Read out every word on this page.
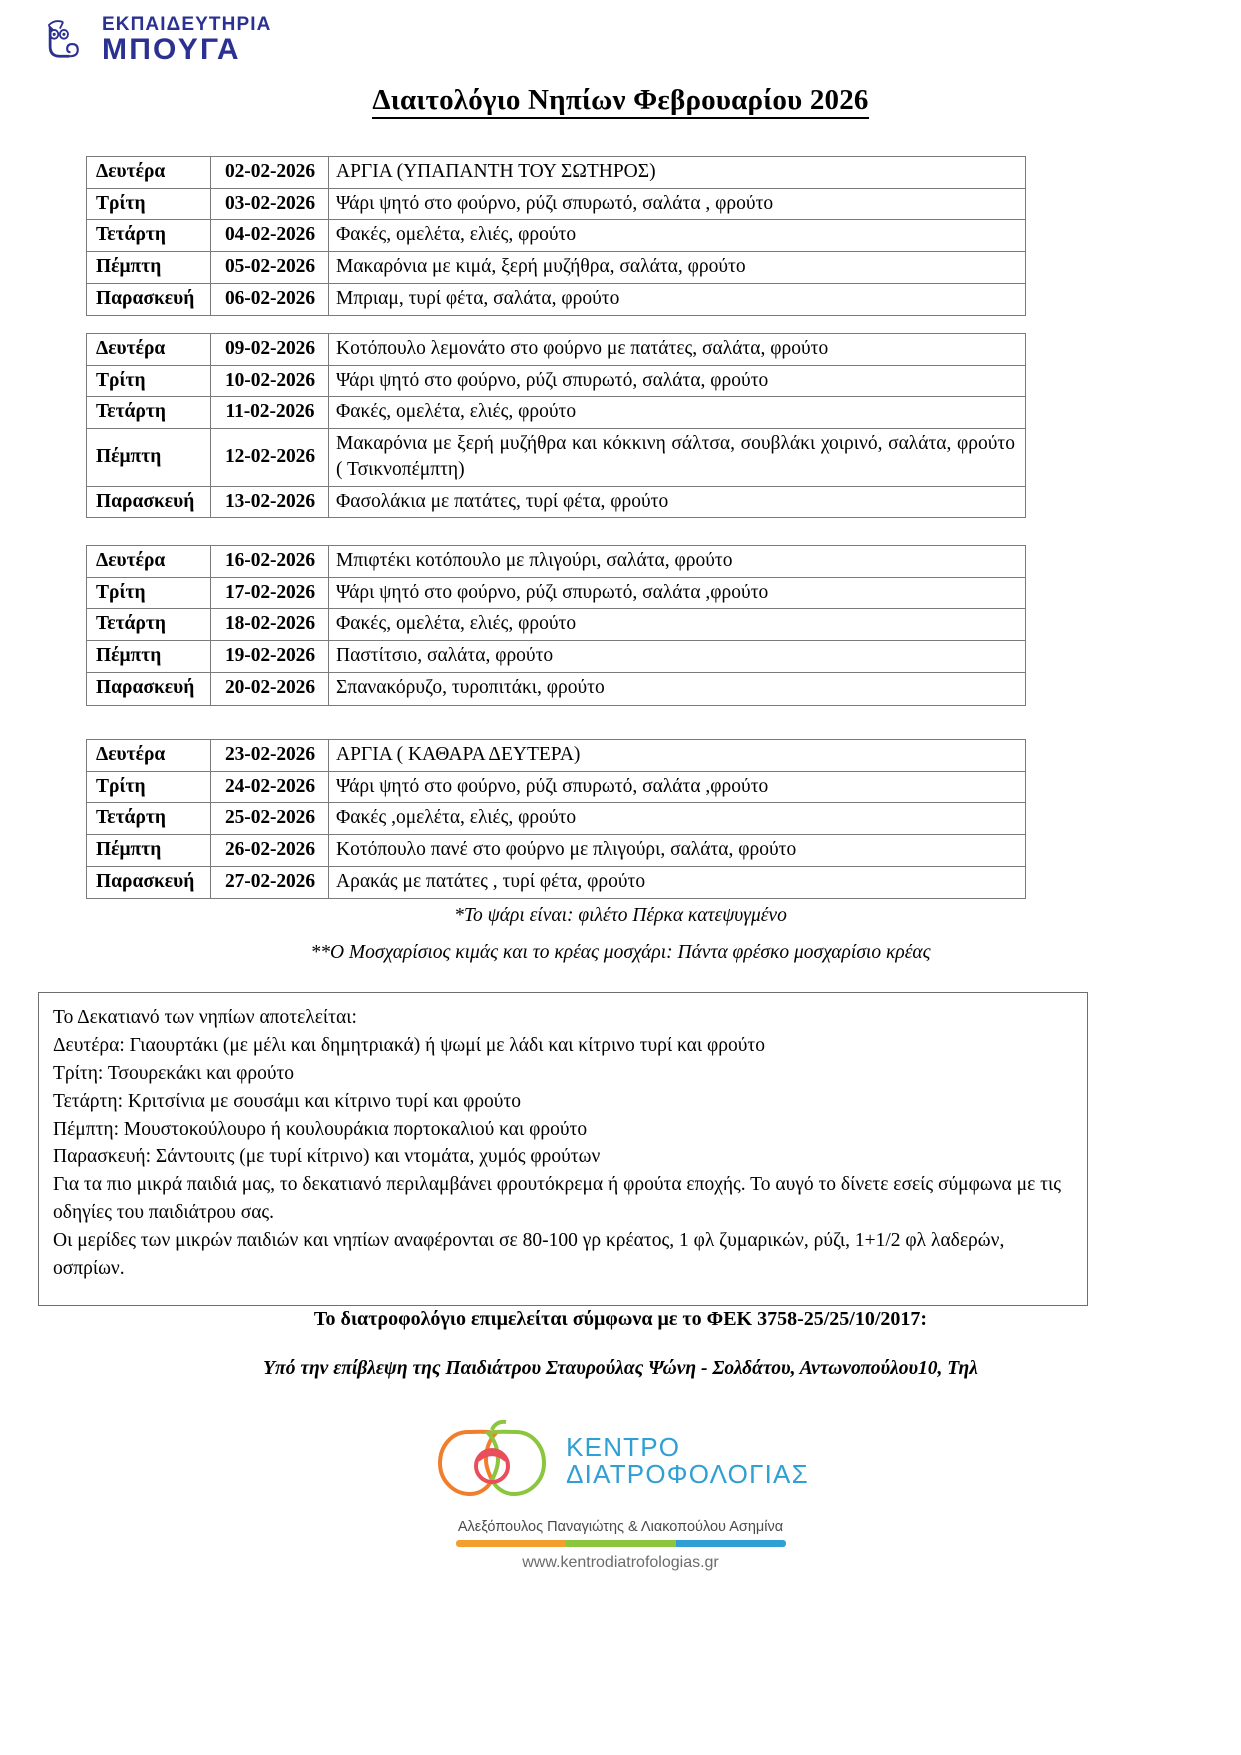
ΕΚΠΑΙΔΕΥΤΗΡΙΑ
ΜΠΟΥΓΑ
Διαιτολόγιο Νηπίων Φεβρουαρίου 2026
Δευτέρα	02-02-2026	ΑΡΓΙΑ (ΥΠΑΠΑΝΤΗ ΤΟΥ ΣΩΤΗΡΟΣ)
Τρίτη	03-02-2026	Ψάρι ψητό στο φούρνο, ρύζι σπυρωτό, σαλάτα , φρούτο
Τετάρτη	04-02-2026	Φακές, ομελέτα, ελιές, φρούτο
Πέμπτη	05-02-2026	Μακαρόνια με κιμά, ξερή μυζήθρα, σαλάτα, φρούτο
Παρασκευή	06-02-2026	Μπριαμ, τυρί φέτα, σαλάτα, φρούτο
Δευτέρα	09-02-2026	Κοτόπουλο λεμονάτο στο φούρνο με πατάτες, σαλάτα, φρούτο
Τρίτη	10-02-2026	Ψάρι ψητό στο φούρνο, ρύζι σπυρωτό, σαλάτα, φρούτο
Τετάρτη	11-02-2026	Φακές, ομελέτα, ελιές, φρούτο
Πέμπτη	12-02-2026	Μακαρόνια με ξερή μυζήθρα και κόκκινη σάλτσα, σουβλάκι χοιρινό, σαλάτα, φρούτο ( Τσικνοπέμπτη)
Παρασκευή	13-02-2026	Φασολάκια με πατάτες, τυρί φέτα, φρούτο
Δευτέρα	16-02-2026	Μπιφτέκι κοτόπουλο με πλιγούρι, σαλάτα, φρούτο
Τρίτη	17-02-2026	Ψάρι ψητό στο φούρνο, ρύζι σπυρωτό, σαλάτα ,φρούτο
Τετάρτη	18-02-2026	Φακές, ομελέτα, ελιές, φρούτο
Πέμπτη	19-02-2026	Παστίτσιο, σαλάτα, φρούτο
Παρασκευή	20-02-2026	Σπανακόρυζο, τυροπιτάκι, φρούτο
Δευτέρα	23-02-2026	ΑΡΓΙΑ ( ΚΑΘΑΡΑ ΔΕΥΤΕΡΑ)
Τρίτη	24-02-2026	Ψάρι ψητό στο φούρνο, ρύζι σπυρωτό, σαλάτα ,φρούτο
Τετάρτη	25-02-2026	Φακές ,ομελέτα, ελιές, φρούτο
Πέμπτη	26-02-2026	Κοτόπουλο πανέ στο φούρνο με πλιγούρι, σαλάτα, φρούτο
Παρασκευή	27-02-2026	Αρακάς με πατάτες , τυρί φέτα, φρούτο
*Το ψάρι είναι: φιλέτο Πέρκα κατεψυγμένο
**Ο Μοσχαρίσιος κιμάς και το κρέας μοσχάρι: Πάντα φρέσκο μοσχαρίσιο κρέας

Το Δεκατιανό των νηπίων αποτελείται:

Δευτέρα: Γιαουρτάκι (με μέλι και δημητριακά) ή ψωμί με λάδι και κίτρινο τυρί και φρούτο

Τρίτη: Τσουρεκάκι και φρούτο

Τετάρτη: Κριτσίνια με σουσάμι και κίτρινο τυρί και φρούτο

Πέμπτη: Μουστοκούλουρο ή κουλουράκια πορτοκαλιού και φρούτο

Παρασκευή: Σάντουιτς (με τυρί κίτρινο) και ντομάτα, χυμός φρούτων

Για τα πιο μικρά παιδιά μας, το δεκατιανό περιλαμβάνει φρουτόκρεμα ή φρούτα εποχής. Το αυγό το δίνετε εσείς σύμφωνα με τις οδηγίες του παιδιάτρου σας.

Οι μερίδες των μικρών παιδιών και νηπίων αναφέρονται σε 80-100 γρ κρέατος, 1 φλ ζυμαρικών, ρύζι, 1+1/2 φλ λαδερών, οσπρίων.

Το διατροφολόγιο επιμελείται σύμφωνα με το ΦΕΚ 3758-25/25/10/2017:
Υπό την επίβλεψη της Παιδιάτρου Σταυρούλας Ψώνη - Σολδάτου, Αντωνοπούλου10, Τηλ
ΚΕΝΤΡΟ
ΔΙΑΤΡΟΦΟΛΟΓΙΑΣ
Αλεξόπουλος Παναγιώτης & Λιακοπούλου Ασημίνα
www.kentrodiatrofologias.gr
